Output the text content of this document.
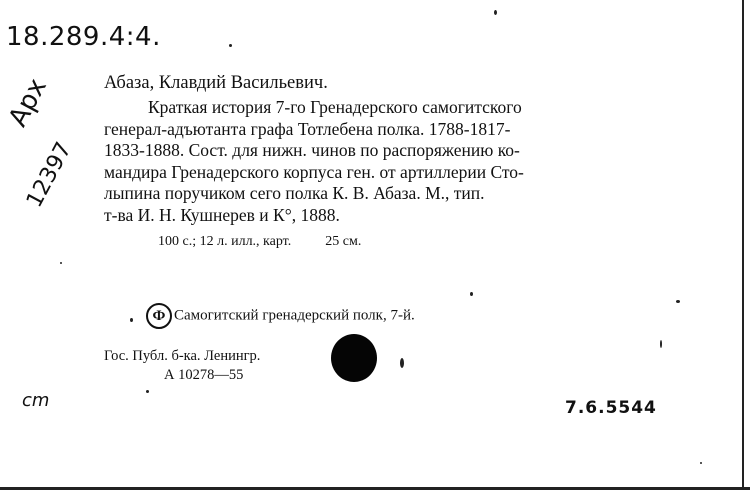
18.289.4:4.
Арх
12397
сm	7.6.5544
Абаза, Клавдий Васильевич.
Краткая история 7-го Гренадерского самогитского
генерал-адъютанта графа Тотлебена полка. 1788-1817-
1833-1888. Сост. для нижн. чинов по распоряжению ко-
мандира Гренадерского корпуса ген. от артиллерии Сто-
лыпина поручиком сего полка К. В. Абаза. М., тип.
т-ва И. Н. Кушнерев и К°, 1888.
100 с.; 12 л. илл., карт. 25 см.
Ф Самогитский гренадерский полк, 7-й.
Гос. Публ. б-ка. Ленингр.
А 10278—55
